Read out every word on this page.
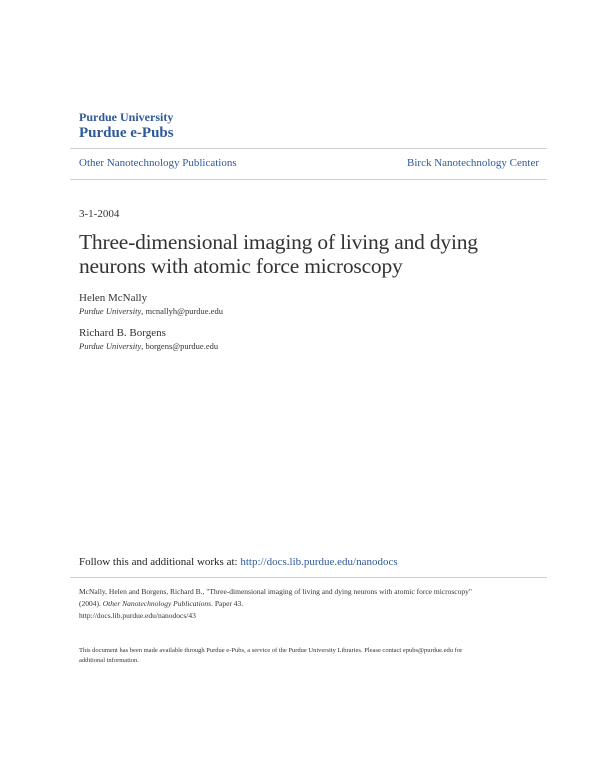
Purdue University
Purdue e-Pubs
Other Nanotechnology Publications	Birck Nanotechnology Center
3-1-2004
Three-dimensional imaging of living and dying
neurons with atomic force microscopy
Helen McNally
Purdue University, mcnallyh@purdue.edu
Richard B. Borgens
Purdue University, borgens@purdue.edu
Follow this and additional works at: http://docs.lib.purdue.edu/nanodocs
McNally, Helen and Borgens, Richard B., "Three-dimensional imaging of living and dying neurons with atomic force microscopy"
(2004). Other Nanotechnology Publications. Paper 43.
http://docs.lib.purdue.edu/nanodocs/43
This document has been made available through Purdue e-Pubs, a service of the Purdue University Libraries. Please contact epubs@purdue.edu for
additional information.
